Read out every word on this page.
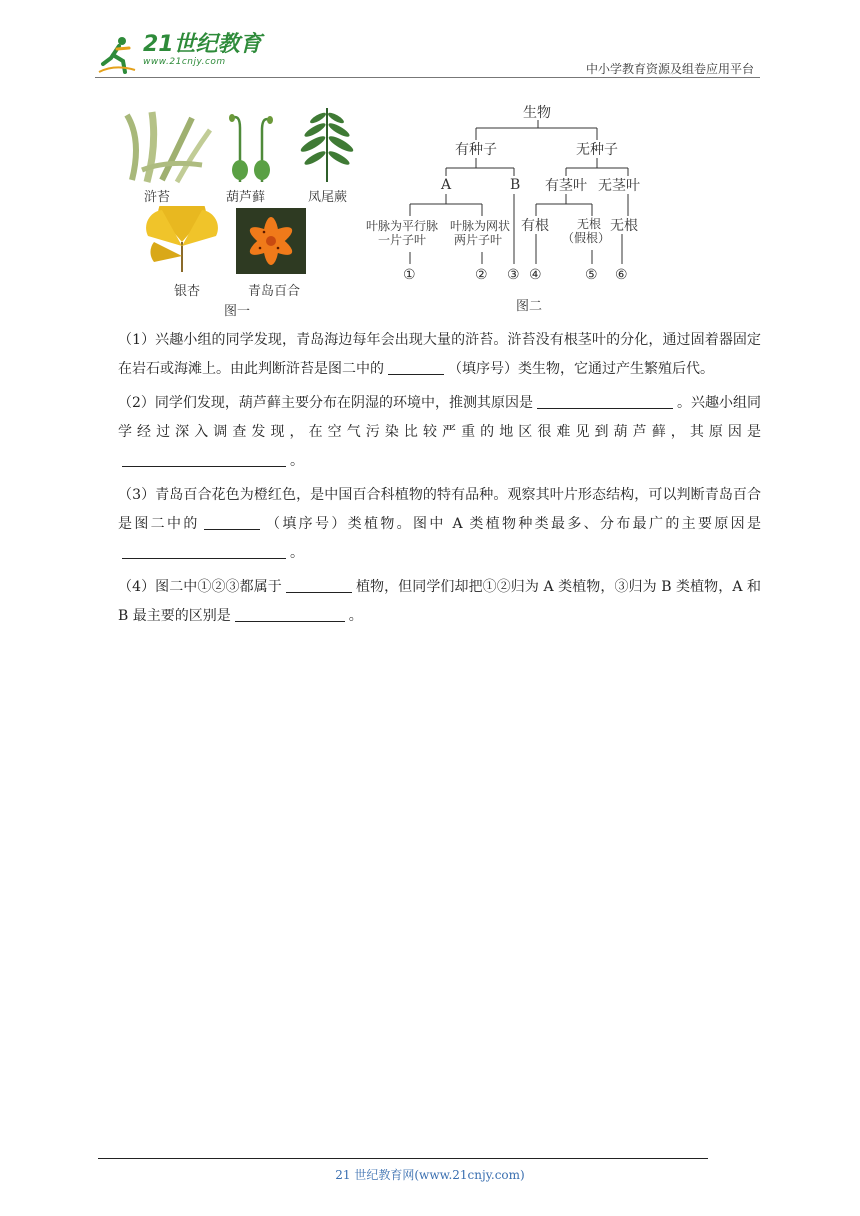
21世纪教育
www.21cnjy.com	中小学教育资源及组卷应用平台
浒苔	葫芦藓	凤尾蕨
银杏	青岛百合
图一
生物
有种子	无种子
A	B 有茎叶 无茎叶
叶脉为平行脉
一片子叶
叶脉为网状
两片子叶
有根	无根
（假根）
无根
①	② ③ ④	⑤ ⑥
图二

（1）兴趣小组的同学发现，青岛海边每年会出现大量的浒苔。浒苔没有根茎叶的分化，通过固着器固定在岩石或海滩上。由此判断浒苔是图二中的	（填序号）类生物，它通过产生繁殖后代。

（2）同学们发现，葫芦藓主要分布在阴湿的环境中，推测其原因是	。兴趣小组同学经过深入调查发现，在空气污染比较严重的地区很难见到葫芦藓，其原因是。

（3）青岛百合花色为橙红色，是中国百合科植物的特有品种。观察其叶片形态结构，可以判断青岛百合是图二中的	（填序号）类植物。图中 A 类植物种类最多、分布最广的主要原因是。

（4）图二中①②③都属于	植物，但同学们却把①②归为 A 类植物，③归为 B 类植物，A 和 B 最主要的区别是	。

21 世纪教育网(www.21cnjy.com)
